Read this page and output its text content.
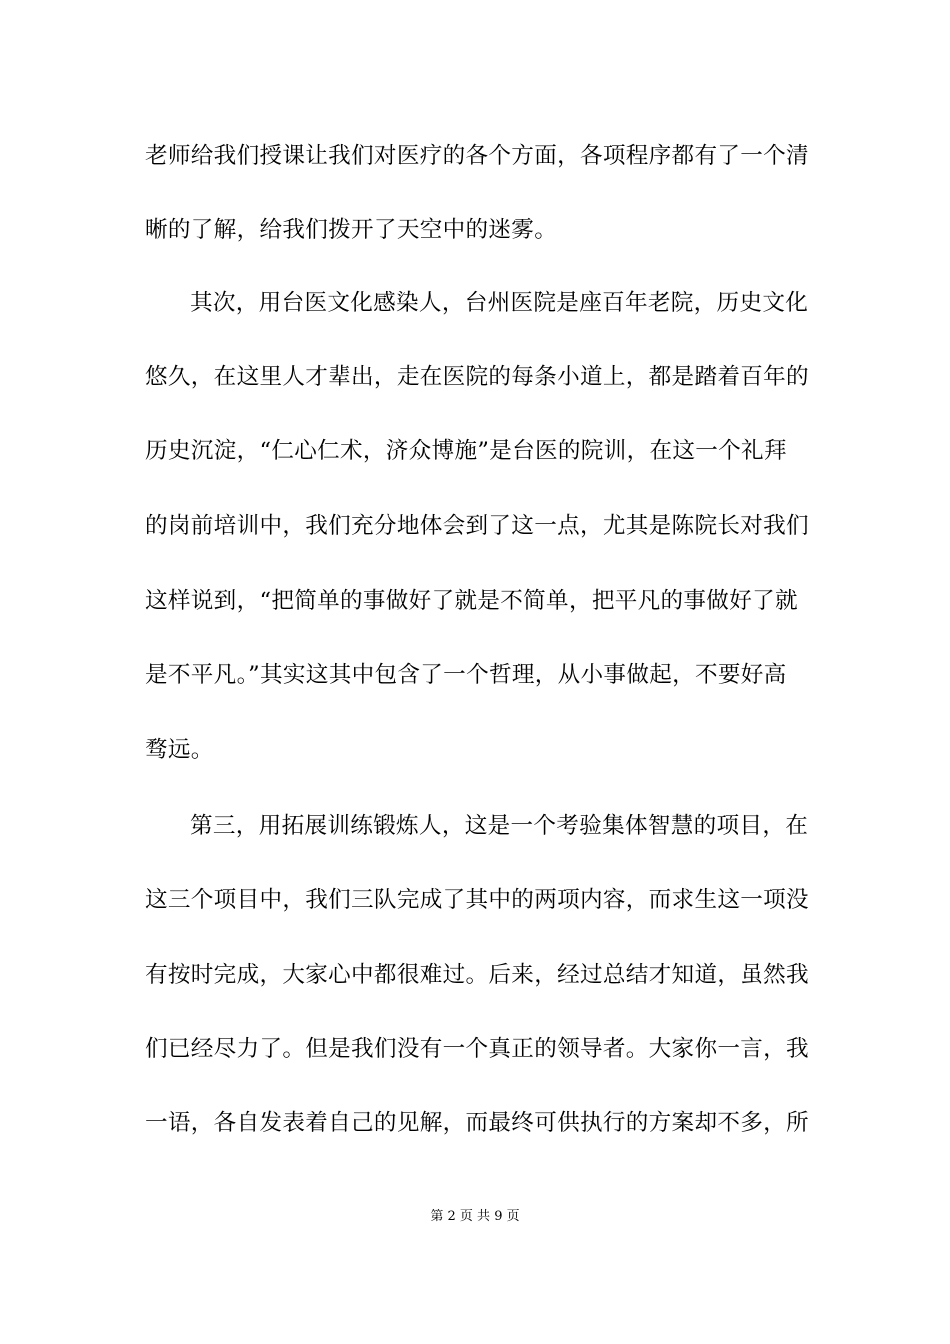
老师给我们授课让我们对医疗的各个方面，各项程序都有了一个清
晰的了解，给我们拨开了天空中的迷雾。
其次，用台医文化感染人，台州医院是座百年老院，历史文化
悠久，在这里人才辈出，走在医院的每条小道上，都是踏着百年的
历史沉淀，“仁心仁术，济众博施”是台医的院训，在这一个礼拜
的岗前培训中，我们充分地体会到了这一点，尤其是陈院长对我们
这样说到，“把简单的事做好了就是不简单，把平凡的事做好了就
是不平凡。”其实这其中包含了一个哲理，从小事做起，不要好高
骛远。
第三，用拓展训练锻炼人，这是一个考验集体智慧的项目，在
这三个项目中，我们三队完成了其中的两项内容，而求生这一项没
有按时完成，大家心中都很难过。后来，经过总结才知道，虽然我
们已经尽力了。但是我们没有一个真正的领导者。大家你一言，我
一语，各自发表着自己的见解，而最终可供执行的方案却不多，所
第 2 页 共 9 页
